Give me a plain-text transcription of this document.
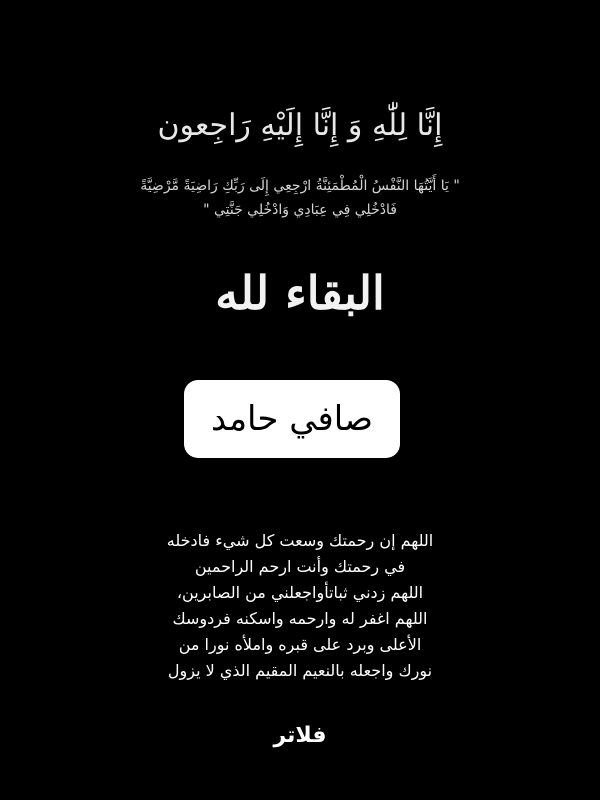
إِنَّا لِلّٰهِ وَ إِنَّا إِلَيْهِ رَاجِعون
" يَا أَيَّتُهَا النَّفْسُ الْمُطْمَئِنَّةُ ارْجِعِي إِلَى رَبِّكِ رَاضِيَةً مَّرْضِيَّةً
فَادْخُلِي فِي عِبَادِي وَادْخُلِي جَنَّتِي "
البقاء لله
صافي حامد
اللهم إن رحمتك وسعت كل شيء فادخله
في رحمتك وأنت ارحم الراحمين
اللهم زدني ثباتأواجعلني من الصابرين،
اللهم اغفر له وارحمه واسكنه فردوسك
الأعلى وبرد على قبره واملأه نورا من
نورك واجعله بالنعيم المقيم الذي لا يزول
فلاتر
